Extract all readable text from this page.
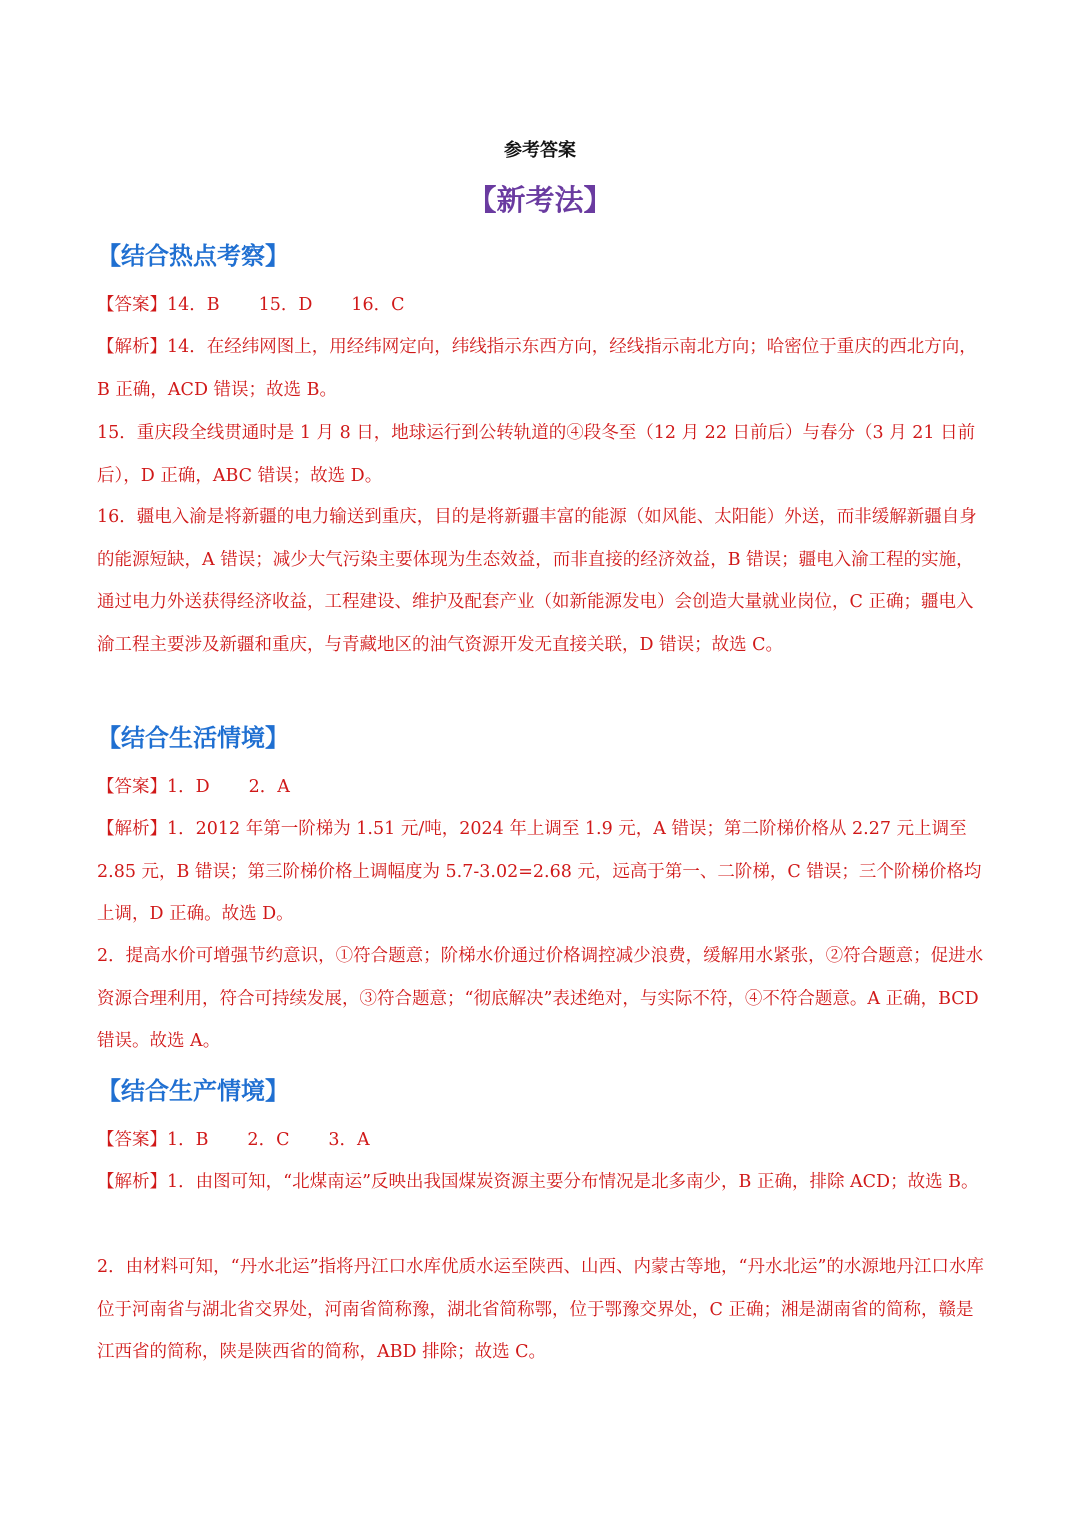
参考答案
【新考法】
【结合热点考察】
【答案】14．B       15．D       16．C
【解析】14．在经纬网图上，用经纬网定向，纬线指示东西方向，经线指示南北方向；哈密位于重庆的西北方向，B 正确，ACD 错误；故选 B。
15．重庆段全线贯通时是 1 月 8 日，地球运行到公转轨道的④段冬至（12 月 22 日前后）与春分（3 月 21 日前后），D 正确，ABC 错误；故选 D。
16．疆电入渝是将新疆的电力输送到重庆，目的是将新疆丰富的能源（如风能、太阳能）外送，而非缓解新疆自身的能源短缺，A 错误；减少大气污染主要体现为生态效益，而非直接的经济效益，B 错误；疆电入渝工程的实施，通过电力外送获得经济收益，工程建设、维护及配套产业（如新能源发电）会创造大量就业岗位，C 正确；疆电入渝工程主要涉及新疆和重庆，与青藏地区的油气资源开发无直接关联，D 错误；故选 C。
【结合生活情境】
【答案】1．D       2．A
【解析】1．2012 年第一阶梯为 1.51 元/吨，2024 年上调至 1.9 元，A 错误；第二阶梯价格从 2.27 元上调至 2.85 元，B 错误；第三阶梯价格上调幅度为 5.7-3.02=2.68 元，远高于第一、二阶梯，C 错误；三个阶梯价格均上调，D 正确。故选 D。
2．提高水价可增强节约意识，①符合题意；阶梯水价通过价格调控减少浪费，缓解用水紧张，②符合题意；促进水资源合理利用，符合可持续发展，③符合题意；“彻底解决”表述绝对，与实际不符，④不符合题意。A 正确，BCD 错误。故选 A。
【结合生产情境】
【答案】1．B       2．C       3．A
【解析】1．由图可知，“北煤南运”反映出我国煤炭资源主要分布情况是北多南少，B 正确，排除 ACD；故选 B。
2．由材料可知，“丹水北运”指将丹江口水库优质水运至陕西、山西、内蒙古等地，“丹水北运”的水源地丹江口水库位于河南省与湖北省交界处，河南省简称豫，湖北省简称鄂，位于鄂豫交界处，C 正确；湘是湖南省的简称，赣是江西省的简称，陕是陕西省的简称，ABD 排除；故选 C。
